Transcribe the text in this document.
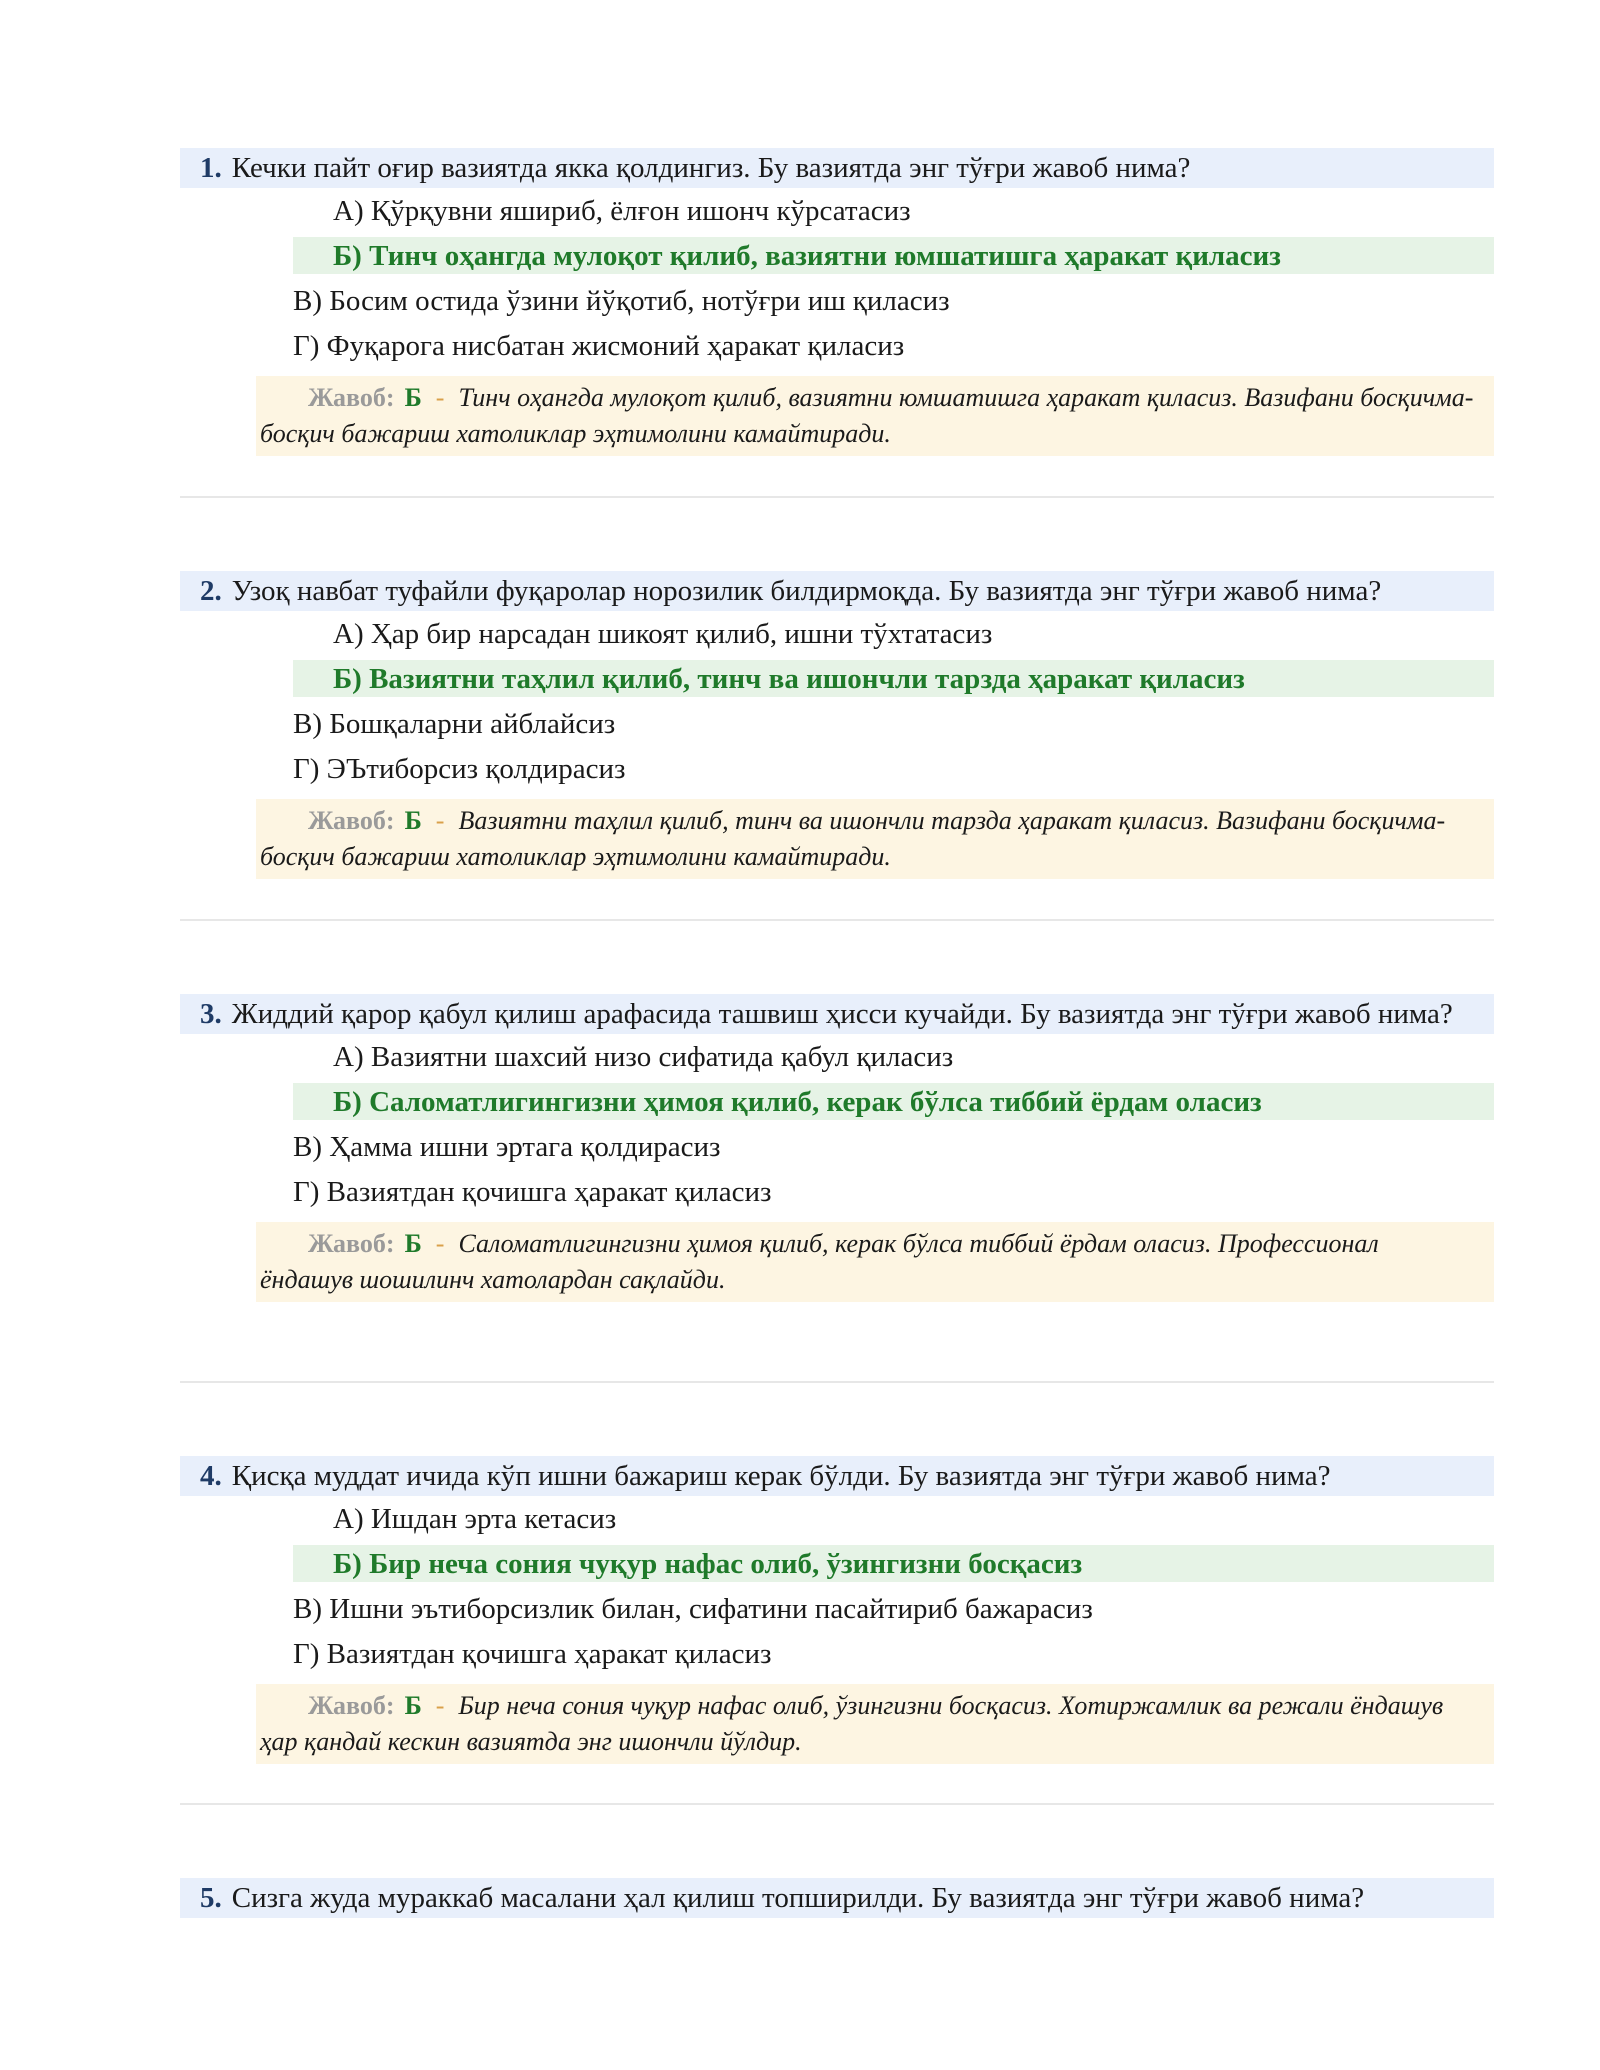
1. Кечки пайт оғир вазиятда якка қолдингиз. Бу вазиятда энг тўғри жавоб нима?
А) Қўрқувни яшириб, ёлғон ишонч кўрсатасиз
Б) Тинч оҳангда мулоқот қилиб, вазиятни юмшатишга ҳаракат қиласиз
В) Босим остида ўзини йўқотиб, нотўғри иш қиласиз
Г) Фуқарога нисбатан жисмоний ҳаракат қиласиз
Жавоб: Б - Тинч оҳангда мулоқот қилиб, вазиятни юмшатишга ҳаракат қиласиз. Вазифани босқичма-босқич бажариш хатоликлар эҳтимолини камайтиради.
2. Узоқ навбат туфайли фуқаролар норозилик билдирмоқда. Бу вазиятда энг тўғри жавоб нима?
А) Ҳар бир нарсадан шикоят қилиб, ишни тўхтатасиз
Б) Вазиятни таҳлил қилиб, тинч ва ишончли тарзда ҳаракат қиласиз
В) Бошқаларни айблайсиз
Г) ЭЪтиборсиз қолдирасиз
Жавоб: Б - Вазиятни таҳлил қилиб, тинч ва ишончли тарзда ҳаракат қиласиз. Вазифани босқичма-босқич бажариш хатоликлар эҳтимолини камайтиради.
3. Жиддий қарор қабул қилиш арафасида ташвиш ҳисси кучайди. Бу вазиятда энг тўғри жавоб нима?
А) Вазиятни шахсий низо сифатида қабул қиласиз
Б) Саломатлигингизни ҳимоя қилиб, керак бўлса тиббий ёрдам оласиз
В) Ҳамма ишни эртага қолдирасиз
Г) Вазиятдан қочишга ҳаракат қиласиз
Жавоб: Б - Саломатлигингизни ҳимоя қилиб, керак бўлса тиббий ёрдам оласиз. Профессионал ёндашув шошилинч хатолардан сақлайди.
4. Қисқа муддат ичида кўп ишни бажариш керак бўлди. Бу вазиятда энг тўғри жавоб нима?
А) Ишдан эрта кетасиз
Б) Бир неча сония чуқур нафас олиб, ўзингизни босқасиз
В) Ишни эътиборсизлик билан, сифатини пасайтириб бажарасиз
Г) Вазиятдан қочишга ҳаракат қиласиз
Жавоб: Б - Бир неча сония чуқур нафас олиб, ўзингизни босқасиз. Хотиржамлик ва режали ёндашув ҳар қандай кескин вазиятда энг ишончли йўлдир.
5. Сизга жуда мураккаб масалани ҳал қилиш топширилди. Бу вазиятда энг тўғри жавоб нима?
